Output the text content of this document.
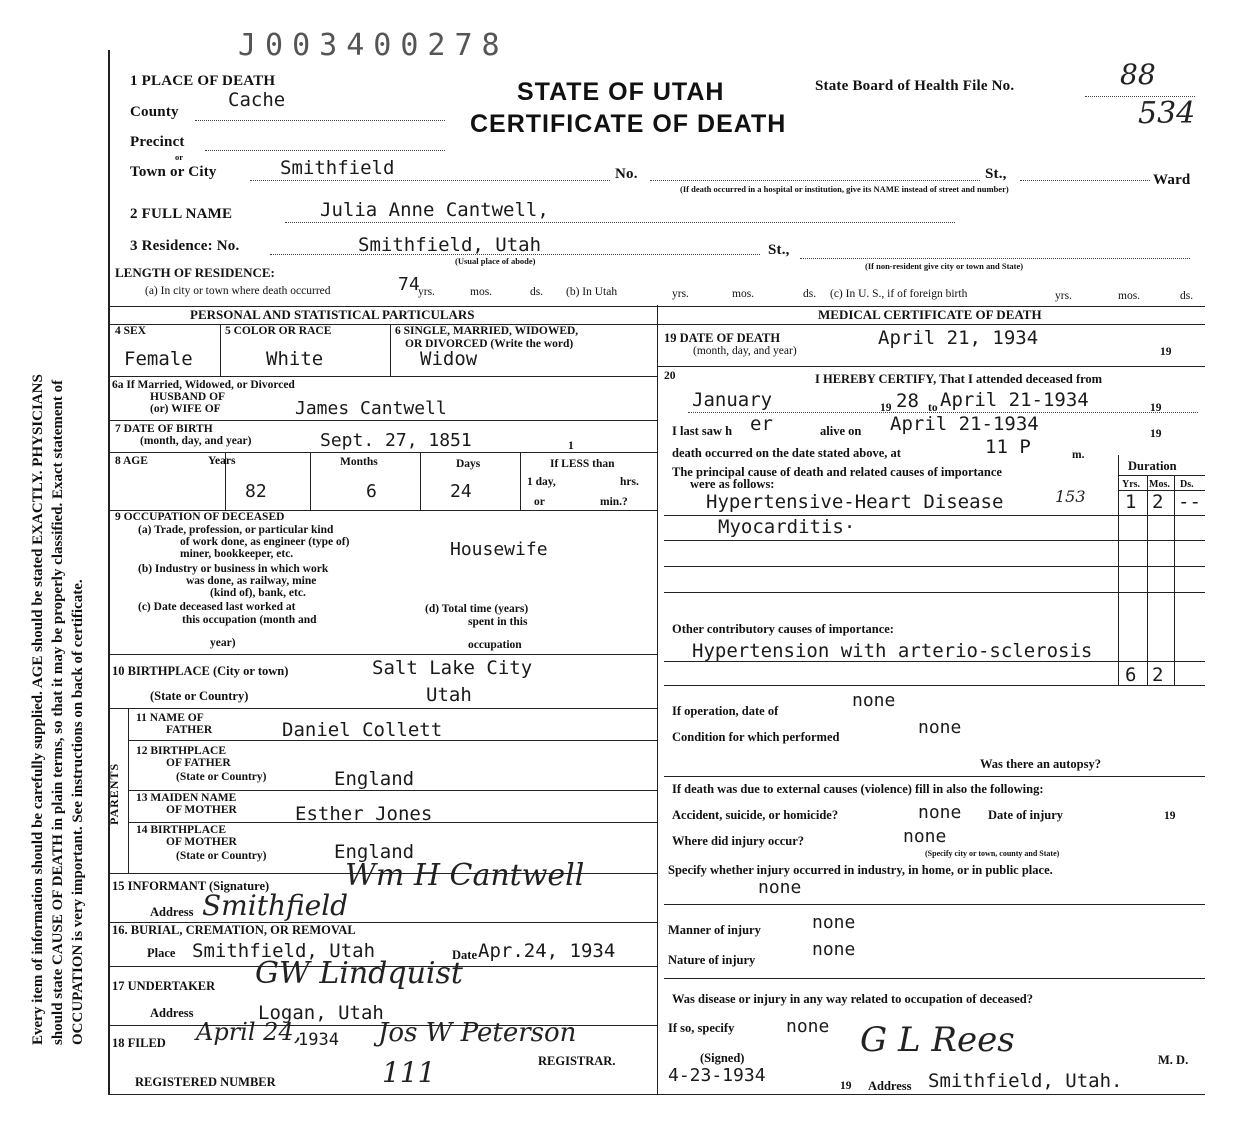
J003400278
Every item of information should be carefully supplied. AGE should be stated EXACTLY. PHYSICIANS should state CAUSE OF DEATH in plain terms, so that it may be properly classified. Exact statement of OCCUPATION is very important. See instructions on back of certificate.
STATE OF UTAH
CERTIFICATE OF DEATH
State Board of Health File No.	88
534
1 PLACE OF DEATH
Cache
County
Precinct
or
Town or City	Smithfield	No.	St.,	Ward
(If death occurred in a hospital or institution, give its NAME instead of street and number)
2 FULL NAME	Julia Anne Cantwell,
3 Residence: No.	Smithfield, Utah
(Usual place of abode)
St.,
(If non-resident give city or town and State)
LENGTH OF RESIDENCE:
(a) In city or town where death occurred	74
yrs.	mos.	ds. (b) In Utah	yrs.	mos.	ds. (c) In U. S., if of foreign birth	yrs.	mos.	ds.
PERSONAL AND STATISTICAL PARTICULARS	MEDICAL CERTIFICATE OF DEATH
4 SEX
Female
5 COLOR OR RACE
White
6 SINGLE, MARRIED, WIDOWED,
OR DIVORCED (Write the word)
Widow
6a If Married, Widowed, or Divorced
HUSBAND OF
(or) WIFE OF	James Cantwell
7 DATE OF BIRTH
(month, day, and year)	Sept. 27, 1851	1
8 AGE	Years	Months	Days	If LESS than
1 day,	hrs.
or	min.?
82	6	24
9 OCCUPATION OF DECEASED
(a) Trade, profession, or particular kind
of work done, as engineer (type of)
miner, bookkeeper, etc.	Housewife
(b) Industry or business in which work
was done, as railway, mine
(kind of), bank, etc.
(c) Date deceased last worked at
this occupation (month and
year)
(d) Total time (years)
spent in this
occupation
10 BIRTHPLACE (City or town)	Salt Lake City
(State or Country)	Utah
PARENTS
11 NAME OF
FATHER	Daniel Collett
12 BIRTHPLACE
OF FATHER
(State or Country)	England
13 MAIDEN NAME
OF MOTHER	Esther Jones
14 BIRTHPLACE
OF MOTHER
(State or Country)	England
15 INFORMANT (Signature)	Wm H Cantwell
Address Smithfield
16. BURIAL, CREMATION, OR REMOVAL
Place Smithfield, Utah	Date Apr.24, 1934
17 UNDERTAKER GW Lindquist
Address	Logan, Utah
18 FILED April 24,
1934 Jos W Peterson
REGISTRAR.
REGISTERED NUMBER	111
19 DATE OF DEATH
(month, day, and year)
April 21, 1934
19
20	I HEREBY CERTIFY, That I attended deceased from
January	19 28 to April 21-1934	19
I last saw h er	alive on April 21-1934	19
death occurred on the date stated above, at	11 P	m.
The principal cause of death and related causes of importance
were as follows:
Duration
Yrs. Mos. Ds.
Hypertensive-Heart Disease	153 1 2 --
Myocarditis·
Other contributory causes of importance:
Hypertension with arterio-sclerosis
6 2
If operation, date of	none
Condition for which performed	none
Was there an autopsy?
If death was due to external causes (violence) fill in also the following:
Accident, suicide, or homicide?	none Date of injury	19
Where did injury occur?	none
(Specify city or town, county and State)
Specify whether injury occurred in industry, in home, or in public place.
none
Manner of injury	none
Nature of injury	none
Was disease or injury in any way related to occupation of deceased?
If so, specify	none
(Signed)	G L Rees	M. D.
4-23-1934	19 Address Smithfield, Utah.
